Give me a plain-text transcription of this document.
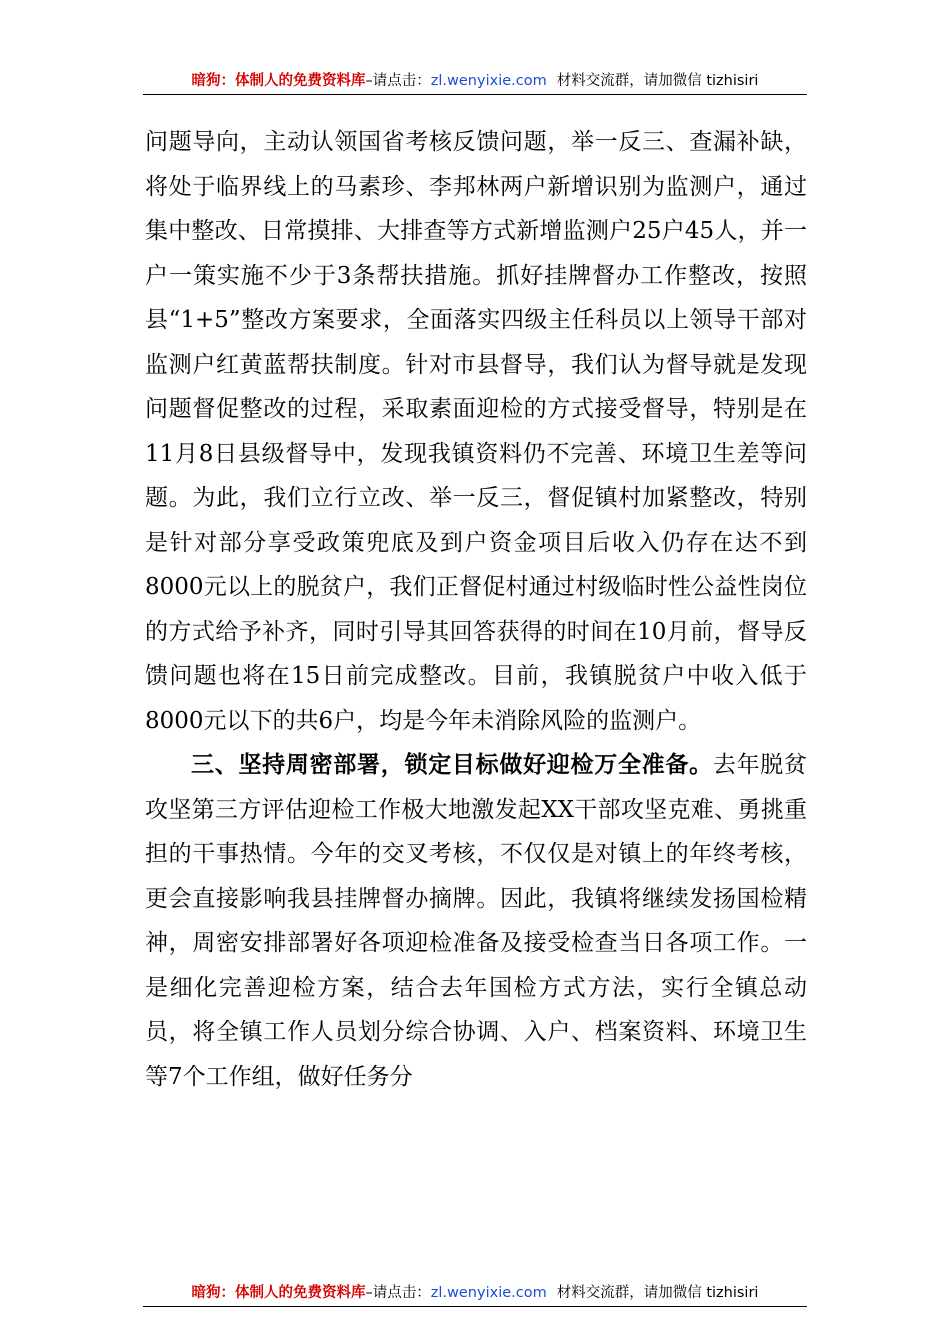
暗狗：体制人的免费资料库–请点击：zl.wenyixie.com 材料交流群，请加微信 tizhisiri

问题导向，主动认领国省考核反馈问题，举一反三、查漏补缺，将处于临界线上的马素珍、李邦林两户新增识别为监测户，通过集中整改、日常摸排、大排查等方式新增监测户25户45人，并一户一策实施不少于3条帮扶措施。抓好挂牌督办工作整改，按照县“1+5”整改方案要求，全面落实四级主任科员以上领导干部对监测户红黄蓝帮扶制度。针对市县督导，我们认为督导就是发现问题督促整改的过程，采取素面迎检的方式接受督导，特别是在11月8日县级督导中，发现我镇资料仍不完善、环境卫生差等问题。为此，我们立行立改、举一反三，督促镇村加紧整改，特别是针对部分享受政策兜底及到户资金项目后收入仍存在达不到8000元以上的脱贫户，我们正督促村通过村级临时性公益性岗位的方式给予补齐，同时引导其回答获得的时间在10月前，督导反馈问题也将在15日前完成整改。目前，我镇脱贫户中收入低于8000元以下的共6户，均是今年未消除风险的监测户。

三、坚持周密部署，锁定目标做好迎检万全准备。去年脱贫攻坚第三方评估迎检工作极大地激发起XX干部攻坚克难、勇挑重担的干事热情。今年的交叉考核，不仅仅是对镇上的年终考核，更会直接影响我县挂牌督办摘牌。因此，我镇将继续发扬国检精神，周密安排部署好各项迎检准备及接受检查当日各项工作。一是细化完善迎检方案，结合去年国检方式方法，实行全镇总动员，将全镇工作人员划分综合协调、入户、档案资料、环境卫生等7个工作组，做好任务分

暗狗：体制人的免费资料库–请点击：zl.wenyixie.com 材料交流群，请加微信 tizhisiri
